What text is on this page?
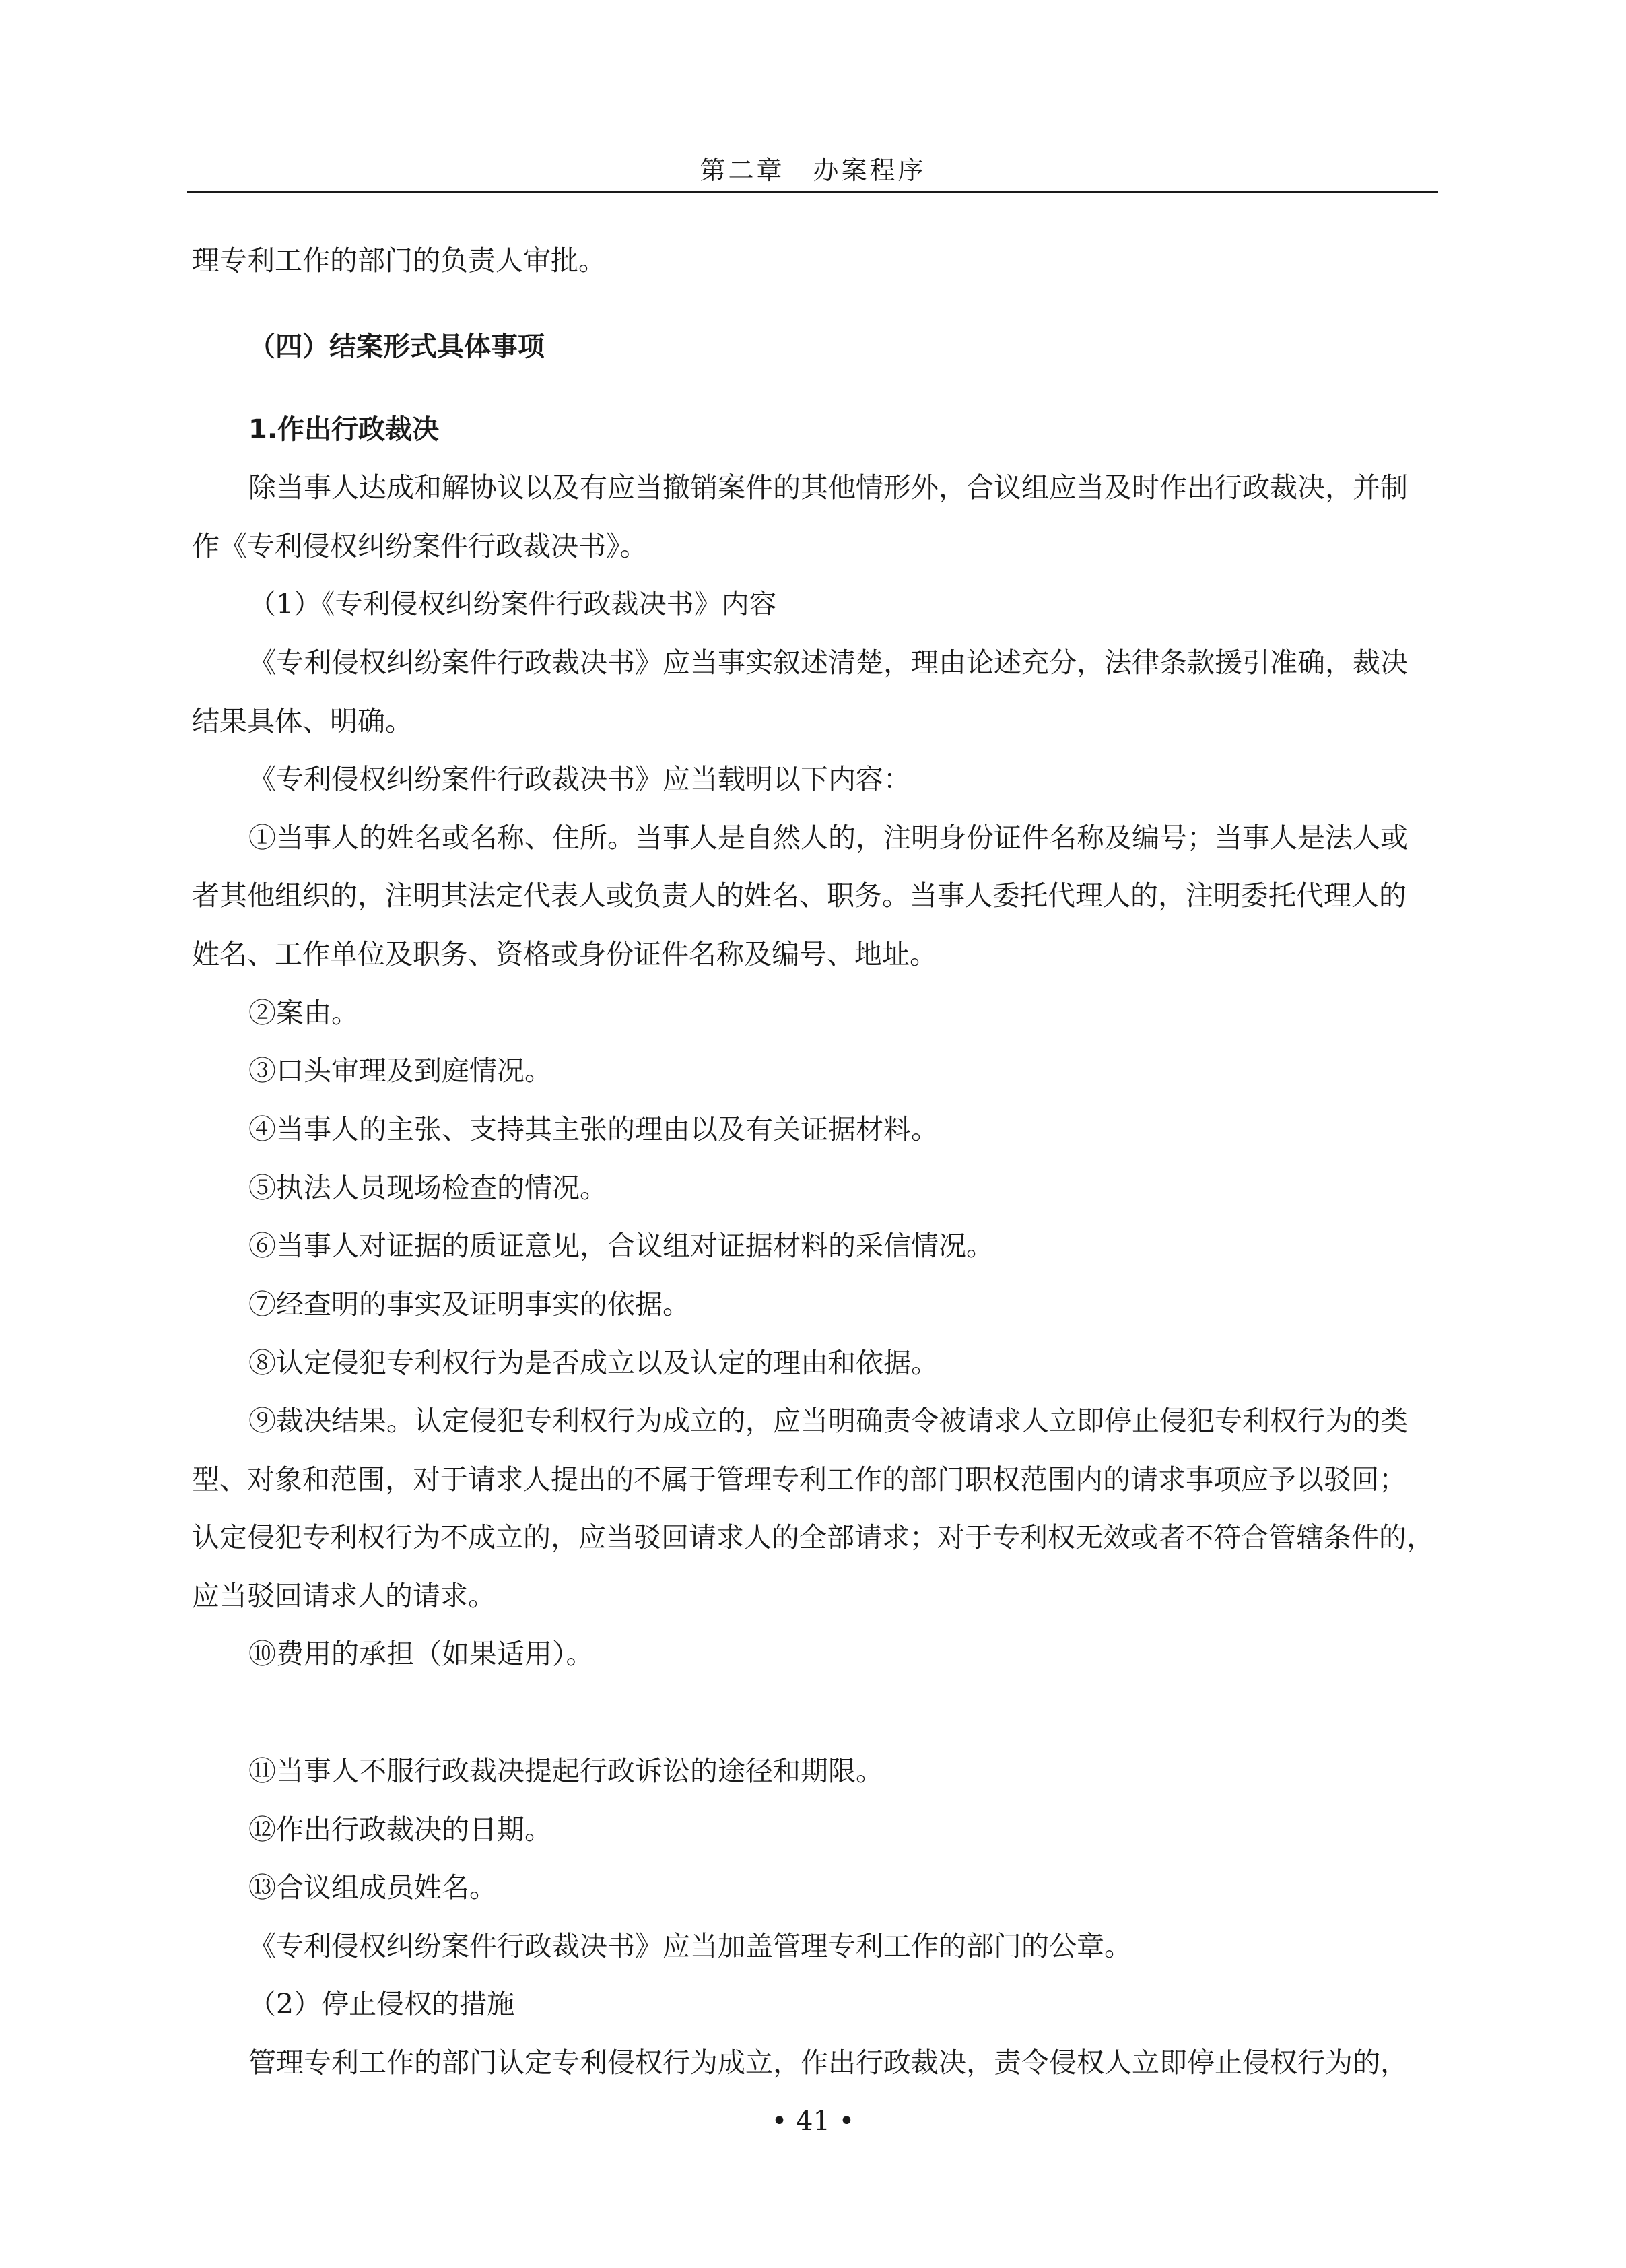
第二章　办案程序
理专利工作的部门的负责人审批。
（四）结案形式具体事项
1.作出行政裁决
除当事人达成和解协议以及有应当撤销案件的其他情形外，合议组应当及时作出行政裁决，并制
作《专利侵权纠纷案件行政裁决书》。
（1）《专利侵权纠纷案件行政裁决书》内容
《专利侵权纠纷案件行政裁决书》应当事实叙述清楚，理由论述充分，法律条款援引准确，裁决
结果具体、明确。
《专利侵权纠纷案件行政裁决书》应当载明以下内容：
①当事人的姓名或名称、住所。当事人是自然人的，注明身份证件名称及编号；当事人是法人或
者其他组织的，注明其法定代表人或负责人的姓名、职务。当事人委托代理人的，注明委托代理人的
姓名、工作单位及职务、资格或身份证件名称及编号、地址。
②案由。
③口头审理及到庭情况。
④当事人的主张、支持其主张的理由以及有关证据材料。
⑤执法人员现场检查的情况。
⑥当事人对证据的质证意见，合议组对证据材料的采信情况。
⑦经查明的事实及证明事实的依据。
⑧认定侵犯专利权行为是否成立以及认定的理由和依据。
⑨裁决结果。认定侵犯专利权行为成立的，应当明确责令被请求人立即停止侵犯专利权行为的类
型、对象和范围，对于请求人提出的不属于管理专利工作的部门职权范围内的请求事项应予以驳回；
认定侵犯专利权行为不成立的，应当驳回请求人的全部请求；对于专利权无效或者不符合管辖条件的，
应当驳回请求人的请求。
⑩费用的承担（如果适用）。
⑪当事人不服行政裁决提起行政诉讼的途径和期限。
⑫作出行政裁决的日期。
⑬合议组成员姓名。
《专利侵权纠纷案件行政裁决书》应当加盖管理专利工作的部门的公章。
（2）停止侵权的措施
管理专利工作的部门认定专利侵权行为成立，作出行政裁决，责令侵权人立即停止侵权行为的，
• 41 •
